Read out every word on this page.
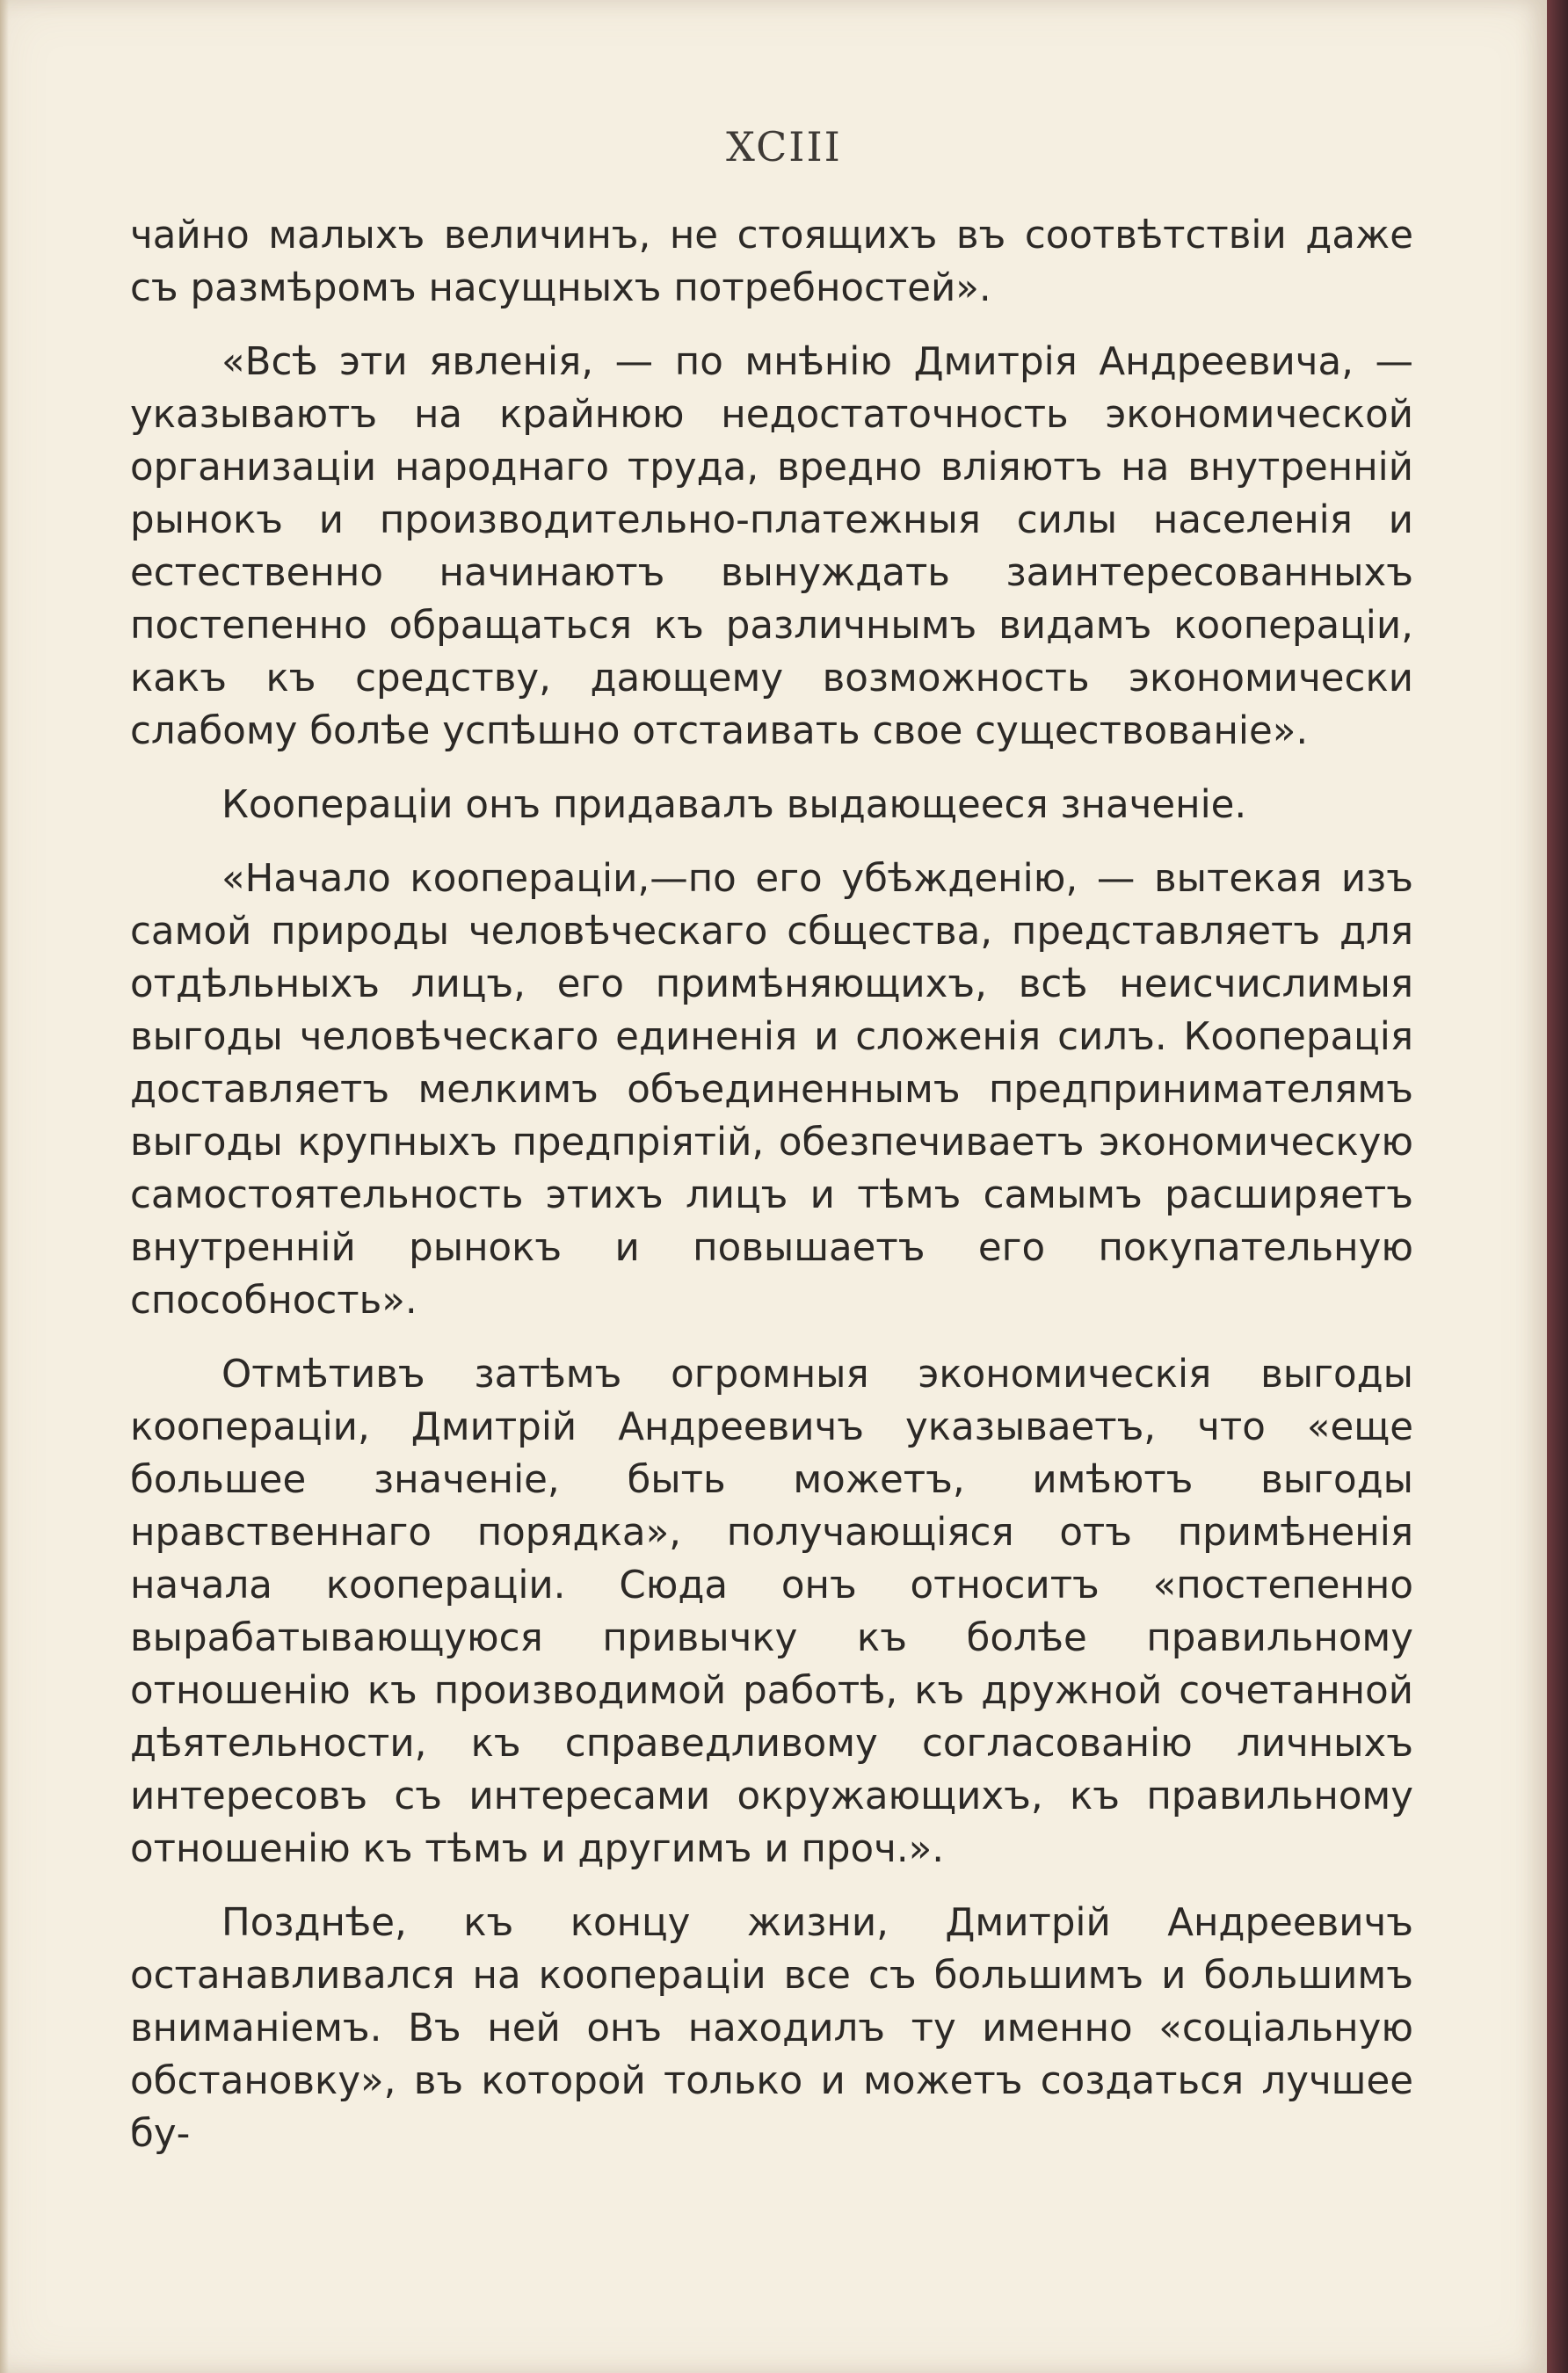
XCIII

чайно малыхъ величинъ, не стоящихъ въ соотвѣтствіи даже съ размѣромъ насущныхъ потребностей».

«Всѣ эти явленія, — по мнѣнію Дмитрія Андреевича, — указываютъ на крайнюю недостаточность экономической организаціи народнаго труда, вредно вліяютъ на внутренній рынокъ и производительно-платежныя силы населенія и естественно начинаютъ вынуждать заинтересованныхъ постепенно обращаться къ различнымъ видамъ коопераціи, какъ къ средству, дающему возможность экономически слабому болѣе успѣшно отстаивать свое существованіе».

Коопераціи онъ придавалъ выдающееся значеніе.

«Начало коопераціи,—по его убѣжденію, — вытекая изъ самой природы человѣческаго сбщества, представляетъ для отдѣльныхъ лицъ, его примѣняющихъ, всѣ неисчислимыя выгоды человѣческаго единенія и сложенія силъ. Кооперація доставляетъ мелкимъ объединеннымъ предпринимателямъ выгоды крупныхъ предпріятій, обезпечиваетъ экономическую самостоятельность этихъ лицъ и тѣмъ самымъ расширяетъ внутренній рынокъ и повышаетъ его покупательную способность».

Отмѣтивъ затѣмъ огромныя экономическія выгоды коопераціи, Дмитрій Андреевичъ указываетъ, что «еще большее значеніе, быть можетъ, имѣютъ выгоды нравственнаго порядка», получающіяся отъ примѣненія начала коопераціи. Сюда онъ относитъ «постепенно вырабатывающуюся привычку къ болѣе правильному отношенію къ производимой работѣ, къ дружной сочетанной дѣятельности, къ справедливому согласованію личныхъ интересовъ съ интересами окружающихъ, къ правильному отношенію къ тѣмъ и другимъ и проч.».

Позднѣе, къ концу жизни, Дмитрій Андреевичъ останавливался на коопераціи все съ большимъ и большимъ вниманіемъ. Въ ней онъ находилъ ту именно «соціальную обстановку», въ которой только и можетъ создаться лучшее бу-
